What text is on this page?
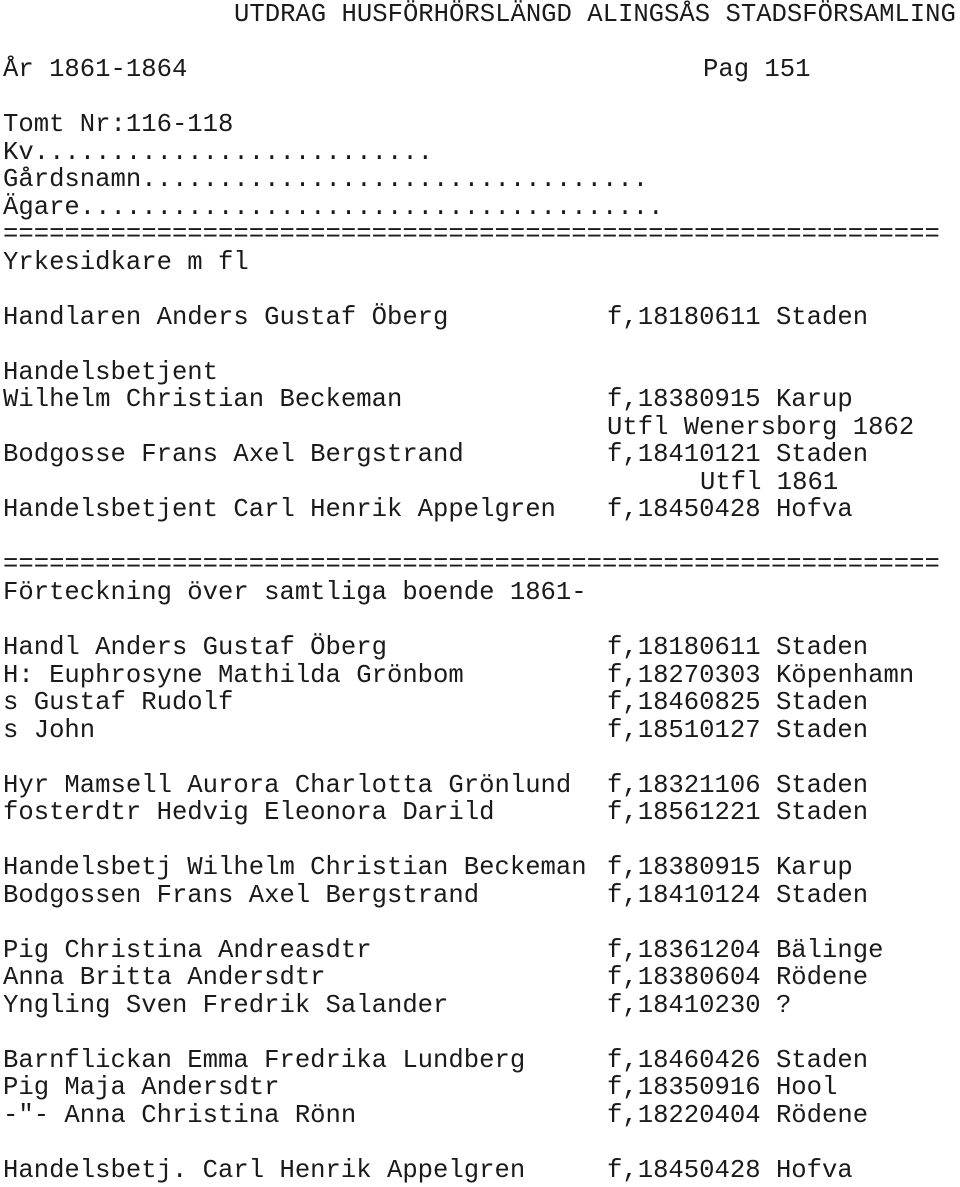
UTDRAG HUSFÖRHÖRSLÄNGD ALINGSÅS STADSFÖRSAMLING
År 1861-1864	Pag 151
Tomt Nr:116-118
Kv..........................
Gårdsnamn.................................
Ägare......................................
=============================================================
Yrkesidkare m fl
Handlaren Anders Gustaf Öberg	f,18180611 Staden
Handelsbetjent
Wilhelm Christian Beckeman	f,18380915 Karup
Utfl Wenersborg 1862
Bodgosse Frans Axel Bergstrand	f,18410121 Staden
Utfl 1861
Handelsbetjent Carl Henrik Appelgren f,18450428 Hofva
=============================================================
Förteckning över samtliga boende 1861-
Handl Anders Gustaf Öberg	f,18180611 Staden
H: Euphrosyne Mathilda Grönbom	f,18270303 Köpenhamn
s Gustaf Rudolf	f,18460825 Staden
s John	f,18510127 Staden
Hyr Mamsell Aurora Charlotta Grönlund f,18321106 Staden
fosterdtr Hedvig Eleonora Darild	f,18561221 Staden
Handelsbetj Wilhelm Christian Beckeman f,18380915 Karup
Bodgossen Frans Axel Bergstrand	f,18410124 Staden
Pig Christina Andreasdtr	f,18361204 Bälinge
Anna Britta Andersdtr	f,18380604 Rödene
Yngling Sven Fredrik Salander	f,18410230 ?
Barnflickan Emma Fredrika Lundberg	f,18460426 Staden
Pig Maja Andersdtr	f,18350916 Hool
-"- Anna Christina Rönn	f,18220404 Rödene
Handelsbetj. Carl Henrik Appelgren	f,18450428 Hofva
